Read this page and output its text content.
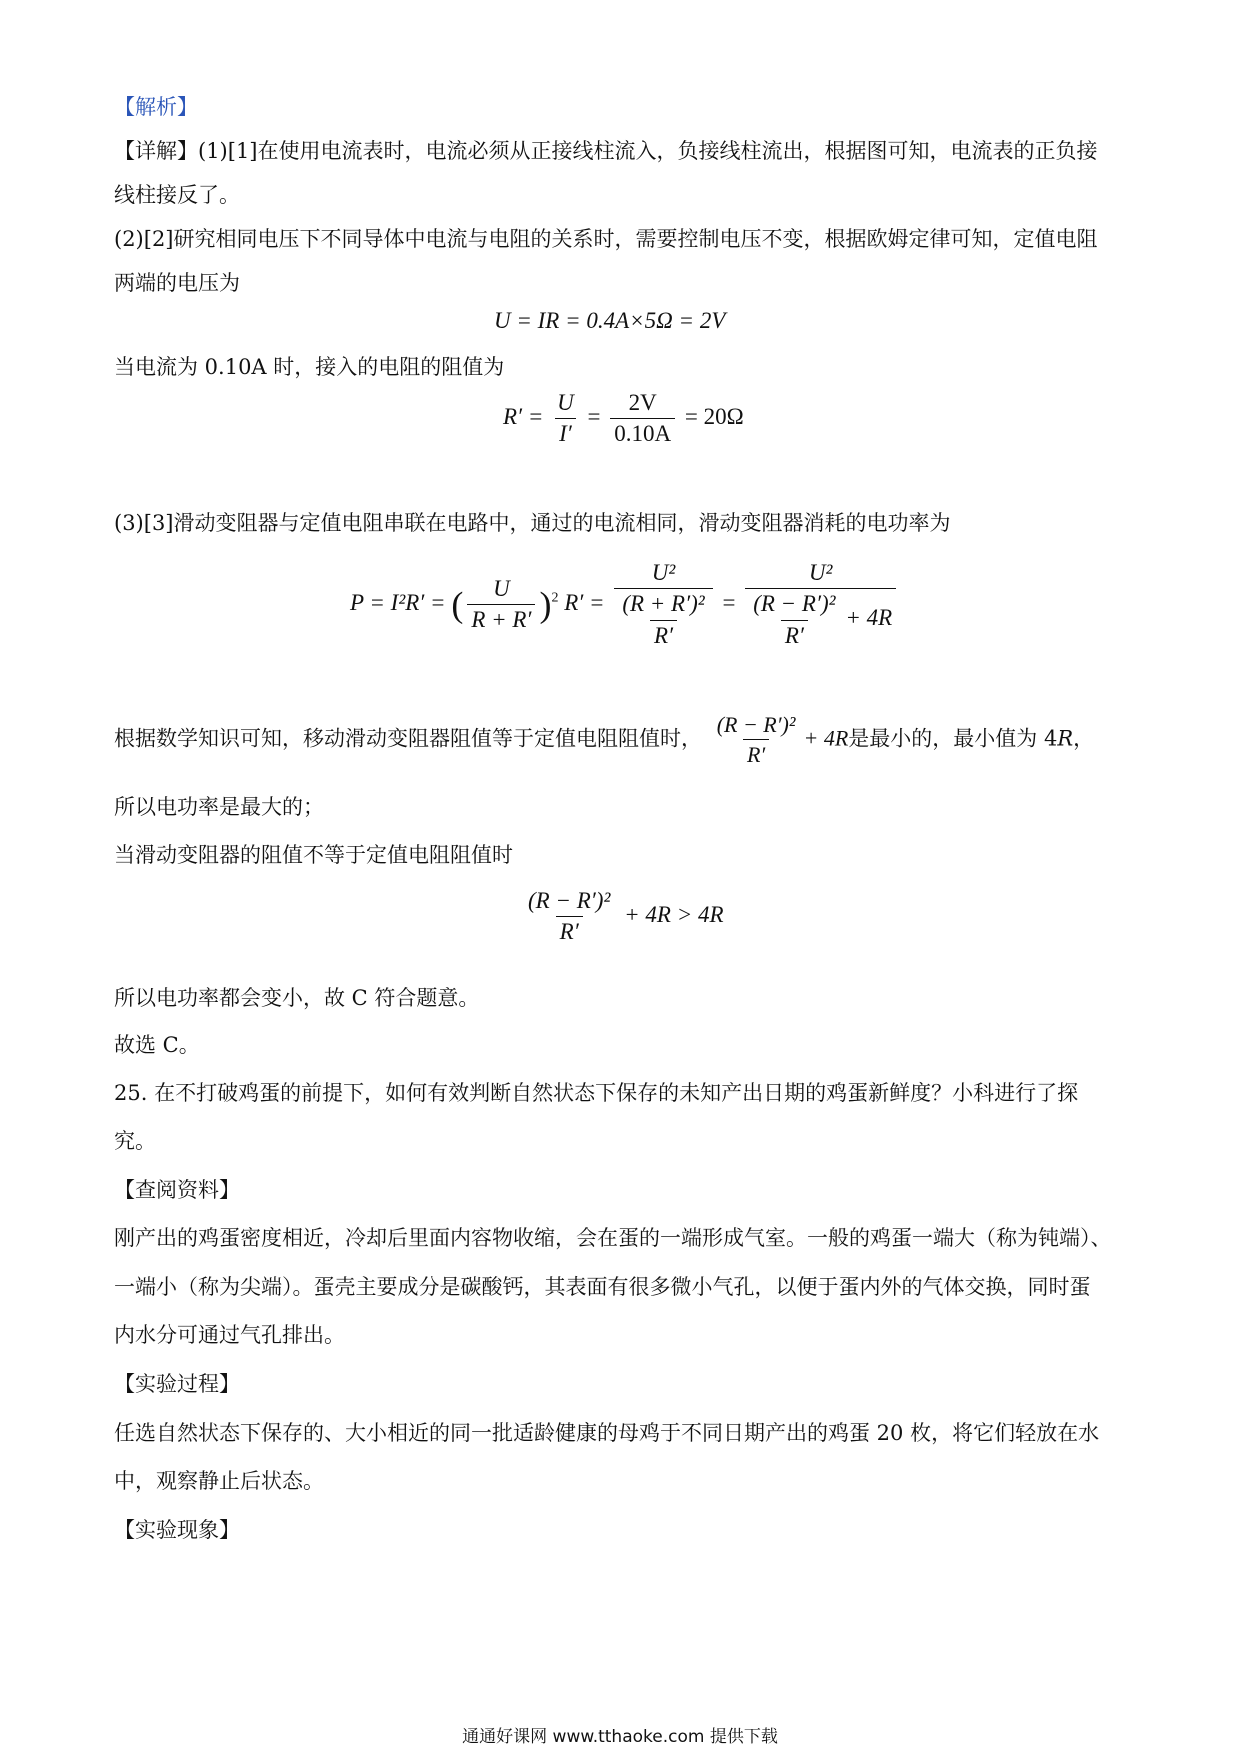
【解析】
【详解】(1)[1]在使用电流表时，电流必须从正接线柱流入，负接线柱流出，根据图可知，电流表的正负接
线柱接反了。
(2)[2]研究相同电压下不同导体中电流与电阻的关系时，需要控制电压不变，根据欧姆定律可知，定值电阻
两端的电压为
U = IR = 0.4A×5Ω = 2V
当电流为 0.10A 时，接入的电阻的阻值为
$R' = \frac{U}{I'} = \frac{2V}{0.10A} = 20\Omega$
(3)[3]滑动变阻器与定值电阻串联在电路中，通过的电流相同，滑动变阻器消耗的电功率为
P = I²R′ = ( $\frac{U}{R + R'} )^2$ $R' = \frac{\text{U²}}{\frac{\text{(R + R′)²}}{R'}} = \frac{\text{U²}}{\frac{\text{(R − R′)²}}{R'} + 4R}$
根据数学知识可知，移动滑动变阻器阻值等于定值电阻阻值时， $\frac{\text{(R − R′)²}}{R'} + 4R$是最小的，最小值为 4R，
所以电功率是最大的；
当滑动变阻器的阻值不等于定值电阻阻值时
$\frac{\text{(R − R′)²}}{R'} + 4R > 4R$
所以电功率都会变小，故 C 符合题意。
故选 C。
25. 在不打破鸡蛋的前提下，如何有效判断自然状态下保存的未知产出日期的鸡蛋新鲜度？小科进行了探
究。
【查阅资料】
刚产出的鸡蛋密度相近，冷却后里面内容物收缩，会在蛋的一端形成气室。一般的鸡蛋一端大（称为钝端）、
一端小（称为尖端）。蛋壳主要成分是碳酸钙，其表面有很多微小气孔，以便于蛋内外的气体交换，同时蛋
内水分可通过气孔排出。
【实验过程】
任选自然状态下保存的、大小相近的同一批适龄健康的母鸡于不同日期产出的鸡蛋 20 枚，将它们轻放在水
中，观察静止后状态。
【实验现象】
通通好课网 www.tthaoke.com 提供下载
